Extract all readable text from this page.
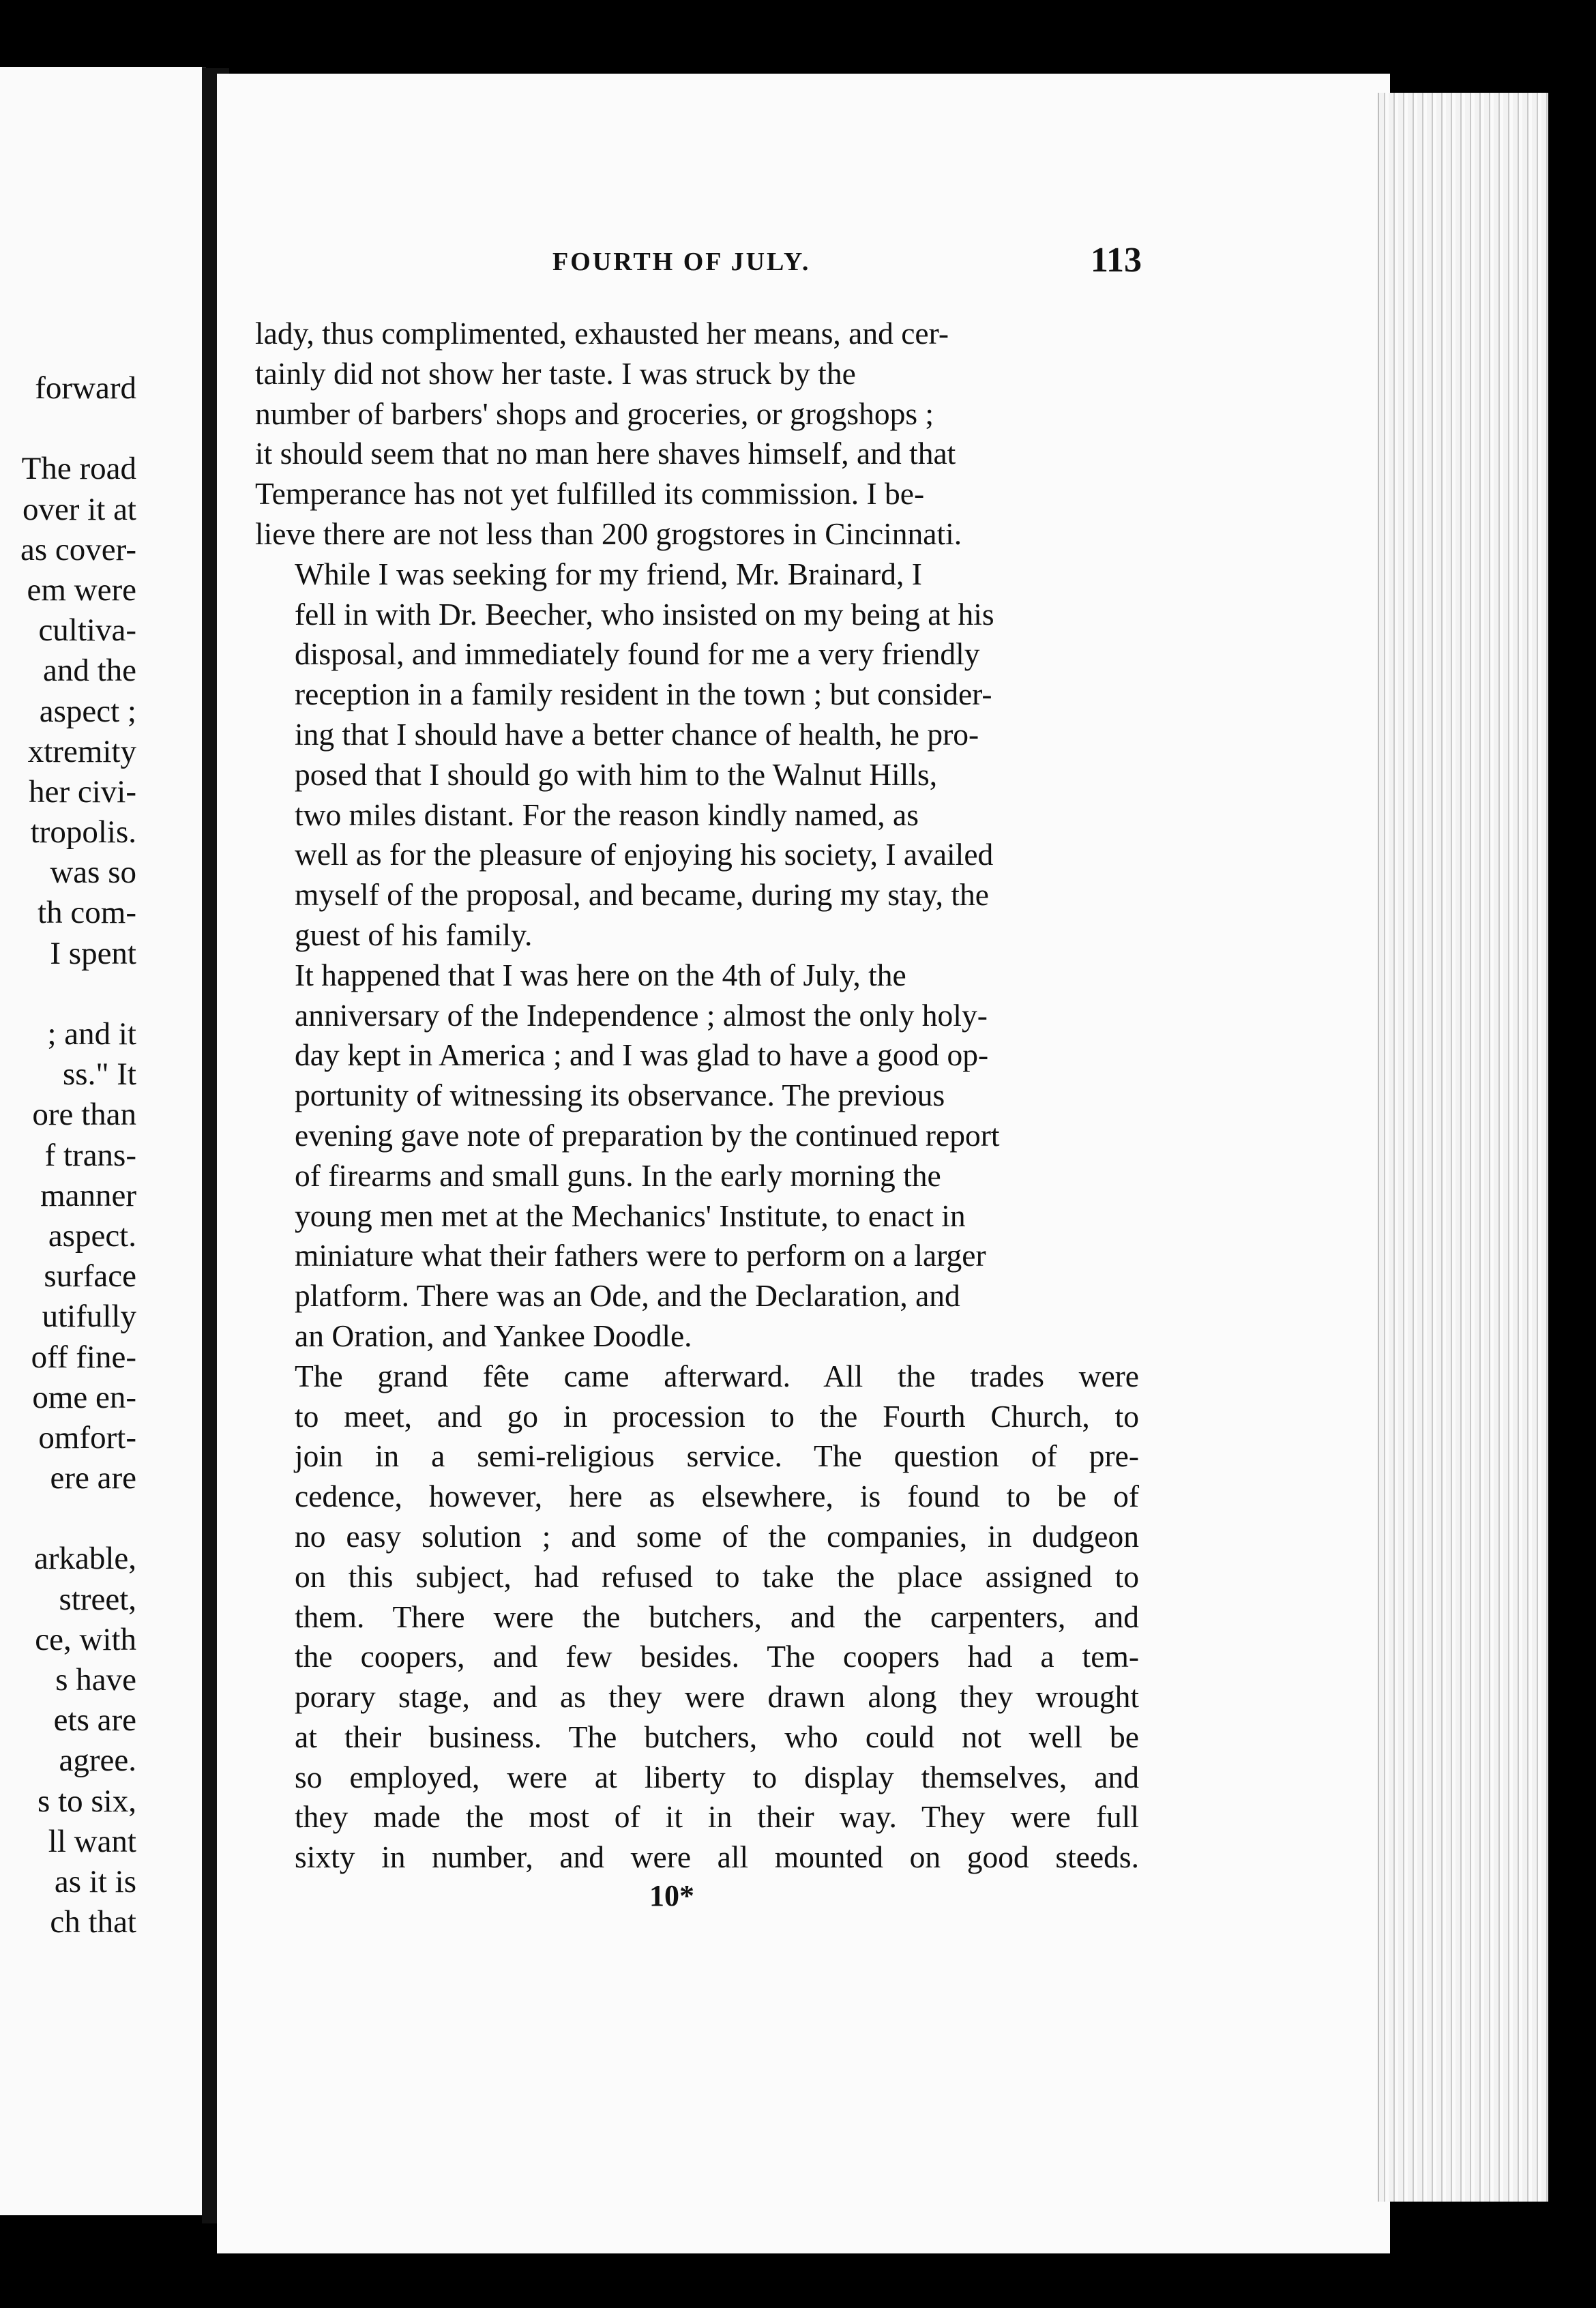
forward

The road
over it at
as cover-
em were
cultiva-
and the
aspect ;
xtremity
her civi-
tropolis.
was so
th com-
I spent

; and it
ss." It
ore than
f trans-
manner
aspect.
surface
utifully
off fine-
ome en-
omfort-
ere are

arkable,
street,
ce, with
s have
ets are
agree.
s to six,
ll want
as it is
ch that
FOURTH OF JULY.	113

lady, thus complimented, exhausted her means, and cer-
tainly did not show her taste. I was struck by the
number of barbers' shops and groceries, or grogshops ;
it should seem that no man here shaves himself, and that
Temperance has not yet fulfilled its commission. I be-
lieve there are not less than 200 grogstores in Cincinnati.

While I was seeking for my friend, Mr. Brainard, I
fell in with Dr. Beecher, who insisted on my being at his
disposal, and immediately found for me a very friendly
reception in a family resident in the town ; but consider-
ing that I should have a better chance of health, he pro-
posed that I should go with him to the Walnut Hills,
two miles distant. For the reason kindly named, as
well as for the pleasure of enjoying his society, I availed
myself of the proposal, and became, during my stay, the
guest of his family.

It happened that I was here on the 4th of July, the
anniversary of the Independence ; almost the only holy-
day kept in America ; and I was glad to have a good op-
portunity of witnessing its observance. The previous
evening gave note of preparation by the continued report
of firearms and small guns. In the early morning the
young men met at the Mechanics' Institute, to enact in
miniature what their fathers were to perform on a larger
platform. There was an Ode, and the Declaration, and
an Oration, and Yankee Doodle.

The grand fête came afterward. All the trades were
to meet, and go in procession to the Fourth Church, to
join in a semi-religious service. The question of pre-
cedence, however, here as elsewhere, is found to be of
no easy solution ; and some of the companies, in dudgeon
on this subject, had refused to take the place assigned to
them. There were the butchers, and the carpenters, and
the coopers, and few besides. The coopers had a tem-
porary stage, and as they were drawn along they wrought
at their business. The butchers, who could not well be
so employed, were at liberty to display themselves, and
they made the most of it in their way. They were full
sixty in number, and were all mounted on good steeds.

10*
